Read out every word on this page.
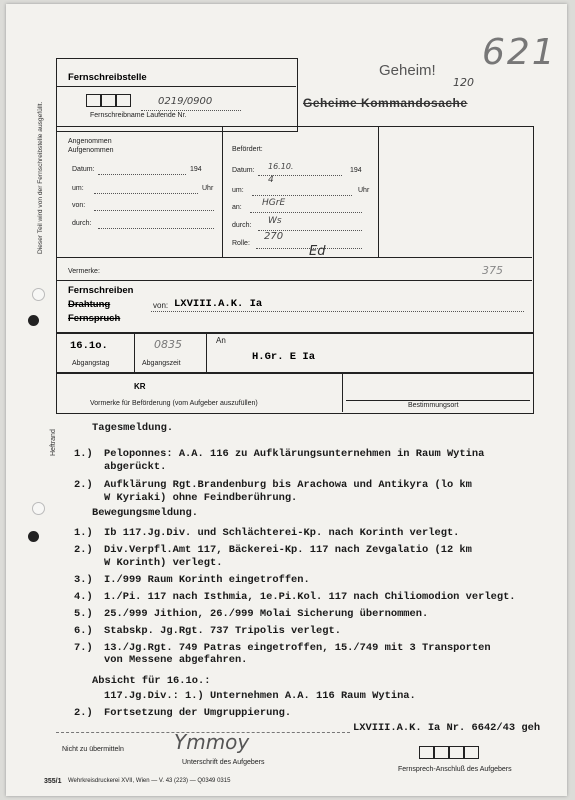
621
Geheim!
120
Geheime Kommandosache
Dieser Teil wird von der Fernschreibstelle ausgefüllt.
Fernschreibstelle
0219/0900
Fernschreibname Laufende Nr.
Angenommen
Aufgenommen
Datum:	194
um:	Uhr
von:
durch:
Befördert:
Datum: 16.10.	194
4
um:	Uhr
an: HGrE
durch: Ws
Rolle:
270
Ed
Vermerke:	375
Fernschreiben
Drahtung
Fernspruch
von: LXVIII.A.K. Ia
16.1o.
Abgangstag
0835
Abgangszeit
An
H.Gr. E Ia
KR
Vormerke für Beförderung (vom Aufgeber auszufüllen)	Bestimmungsort
Heftrand
Tagesmeldung.
Bewegungsmeldung.
Absicht für 16.1o.:
LXVIII.A.K. Ia Nr. 6642/43 geh
Nicht zu übermitteln	Ymmoy
Unterschrift des Aufgebers
Fernsprech-Anschluß des Aufgebers
355/1 Wehrkreisdruckerei XVII, Wien — V. 43 (223) — Q0349 0315
1.) Peloponnes: A.A. 116 zu Aufklärungsunternehmen in Raum Wytina
abgerückt.
2.) Aufklärung Rgt.Brandenburg bis Arachowa und Antikyra (lo km
W Kyriaki) ohne Feindberührung.
1.) Ib 117.Jg.Div. und Schlächterei-Kp. nach Korinth verlegt.
2.) Div.Verpfl.Amt 117, Bäckerei-Kp. 117 nach Zevgalatio (12 km
W Korinth) verlegt.
3.) I./999 Raum Korinth eingetroffen.
4.) 1./Pi. 117 nach Isthmia, 1e.Pi.Kol. 117 nach Chiliomodion verlegt.
5.) 25./999 Jithion, 26./999 Molai Sicherung übernommen.
6.) Stabskp. Jg.Rgt. 737 Tripolis verlegt.
7.) 13./Jg.Rgt. 749 Patras eingetroffen, 15./749 mit 3 Transporten
von Messene abgefahren.
117.Jg.Div.: 1.) Unternehmen A.A. 116 Raum Wytina.
2.) Fortsetzung der Umgruppierung.
